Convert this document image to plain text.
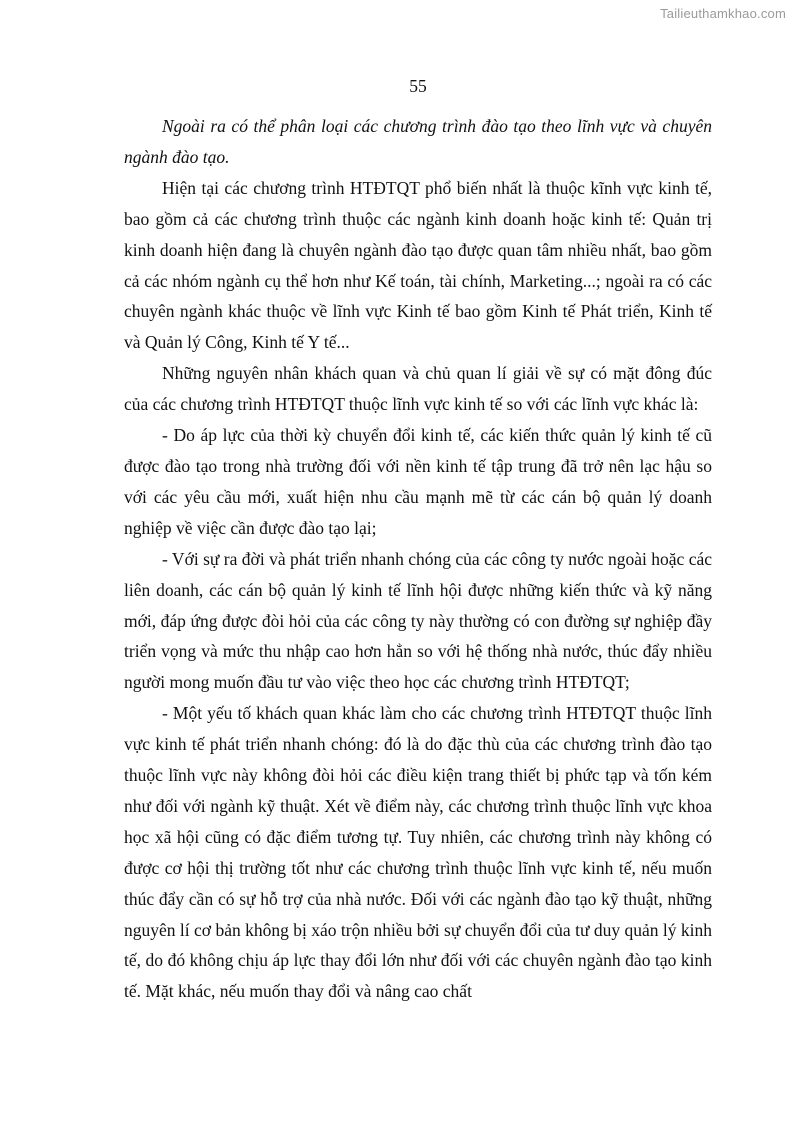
Tailieuthamkhao.com
55

Ngoài ra có thể phân loại các chương trình đào tạo theo lĩnh vực và chuyên ngành đào tạo.

Hiện tại các chương trình HTĐTQT phổ biến nhất là thuộc kĩnh vực kinh tế, bao gồm cả các chương trình thuộc các ngành kinh doanh hoặc kinh tế: Quản trị kinh doanh hiện đang là chuyên ngành đào tạo được quan tâm nhiều nhất, bao gồm cả các nhóm ngành cụ thể hơn như Kế toán, tài chính, Marketing...; ngoài ra có các chuyên ngành khác thuộc về lĩnh vực Kinh tế bao gồm Kinh tế Phát triển, Kinh tế và Quản lý Công, Kinh tế Y tế...

Những nguyên nhân khách quan và chủ quan lí giải về sự có mặt đông đúc của các chương trình HTĐTQT thuộc lĩnh vực kinh tế so với các lĩnh vực khác là:

- Do áp lực của thời kỳ chuyển đổi kinh tế, các kiến thức quản lý kinh tế cũ được đào tạo trong nhà trường đối với nền kinh tế tập trung đã trở nên lạc hậu so với các yêu cầu mới, xuất hiện nhu cầu mạnh mẽ từ các cán bộ quản lý doanh nghiệp về việc cần được đào tạo lại;

- Với sự ra đời và phát triển nhanh chóng của các công ty nước ngoài hoặc các liên doanh, các cán bộ quản lý kinh tế lĩnh hội được những kiến thức và kỹ năng mới, đáp ứng được đòi hỏi của các công ty này thường có con đường sự nghiệp đầy triển vọng và mức thu nhập cao hơn hẳn so với hệ thống nhà nước, thúc đẩy nhiều người mong muốn đầu tư vào việc theo học các chương trình HTĐTQT;

- Một yếu tố khách quan khác làm cho các chương trình HTĐTQT thuộc lĩnh vực kinh tế phát triển nhanh chóng: đó là do đặc thù của các chương trình đào tạo thuộc lĩnh vực này không đòi hỏi các điều kiện trang thiết bị phức tạp và tốn kém như đối với ngành kỹ thuật. Xét về điểm này, các chương trình thuộc lĩnh vực khoa học xã hội cũng có đặc điểm tương tự. Tuy nhiên, các chương trình này không có được cơ hội thị trường tốt như các chương trình thuộc lĩnh vực kinh tế, nếu muốn thúc đẩy cần có sự hỗ trợ của nhà nước. Đối với các ngành đào tạo kỹ thuật, những nguyên lí cơ bản không bị xáo trộn nhiều bởi sự chuyển đổi của tư duy quản lý kinh tế, do đó không chịu áp lực thay đổi lớn như đối với các chuyên ngành đào tạo kinh tế. Mặt khác, nếu muốn thay đổi và nâng cao chất
